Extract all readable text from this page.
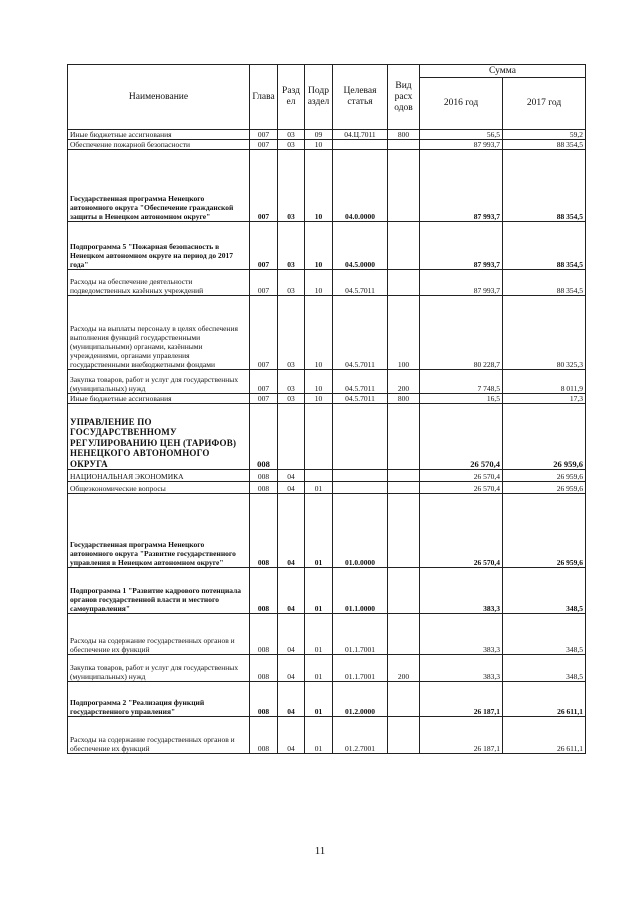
Наименование	Глава	Разд ел	Подр аздел	Целевая статья	Вид расх одов	Сумма	
						2016 год	2017 год
Иные бюджетные ассигнования	007	03	09	04.Ц.7011	800	56,5	59,2
Обеспечение пожарной безопасности	007	03	10			87 993,7	88 354,5
Государственная программа Ненецкого автономного округа "Обеспечение гражданской защиты в Ненецком автономном округе"	007	03	10	04.0.0000		87 993,7	88 354,5
Подпрограмма 5 "Пожарная безопасность в Ненецком автономном округе на период до 2017 года"	007	03	10	04.5.0000		87 993,7	88 354,5
Расходы на обеспечение деятельности подведомственных казённых учреждений	007	03	10	04.5.7011		87 993,7	88 354,5
Расходы на выплаты персоналу в целях обеспечения выполнения функций государственными (муниципальными) органами, казёнными учреждениями, органами управления государственными внебюджетными фондами	007	03	10	04.5.7011	100	80 228,7	80 325,3
Закупка товаров, работ и услуг для государственных (муниципальных) нужд	007	03	10	04.5.7011	200	7 748,5	8 011,9
Иные бюджетные ассигнования	007	03	10	04.5.7011	800	16,5	17,3
УПРАВЛЕНИЕ ПО ГОСУДАРСТВЕННОМУ РЕГУЛИРОВАНИЮ ЦЕН (ТАРИФОВ) НЕНЕЦКОГО АВТОНОМНОГО ОКРУГА	008					26 570,4	26 959,6
НАЦИОНАЛЬНАЯ ЭКОНОМИКА	008	04				26 570,4	26 959,6
Общеэкономические вопросы	008	04	01			26 570,4	26 959,6
Государственная программа Ненецкого автономного округа "Развитие государственного управления в Ненецком автономном округе"	008	04	01	01.0.0000		26 570,4	26 959,6
Подпрограмма 1 "Развитие кадрового потенциала органов государственной власти и местного самоуправления"	008	04	01	01.1.0000		383,3	348,5
Расходы на содержание государственных органов и обеспечение их функций	008	04	01	01.1.7001		383,3	348,5
Закупка товаров, работ и услуг для государственных (муниципальных) нужд	008	04	01	01.1.7001	200	383,3	348,5
Подпрограмма 2 "Реализация функций государственного управления"	008	04	01	01.2.0000		26 187,1	26 611,1
Расходы на содержание государственных органов и обеспечение их функций	008	04	01	01.2.7001		26 187,1	26 611,1
11
